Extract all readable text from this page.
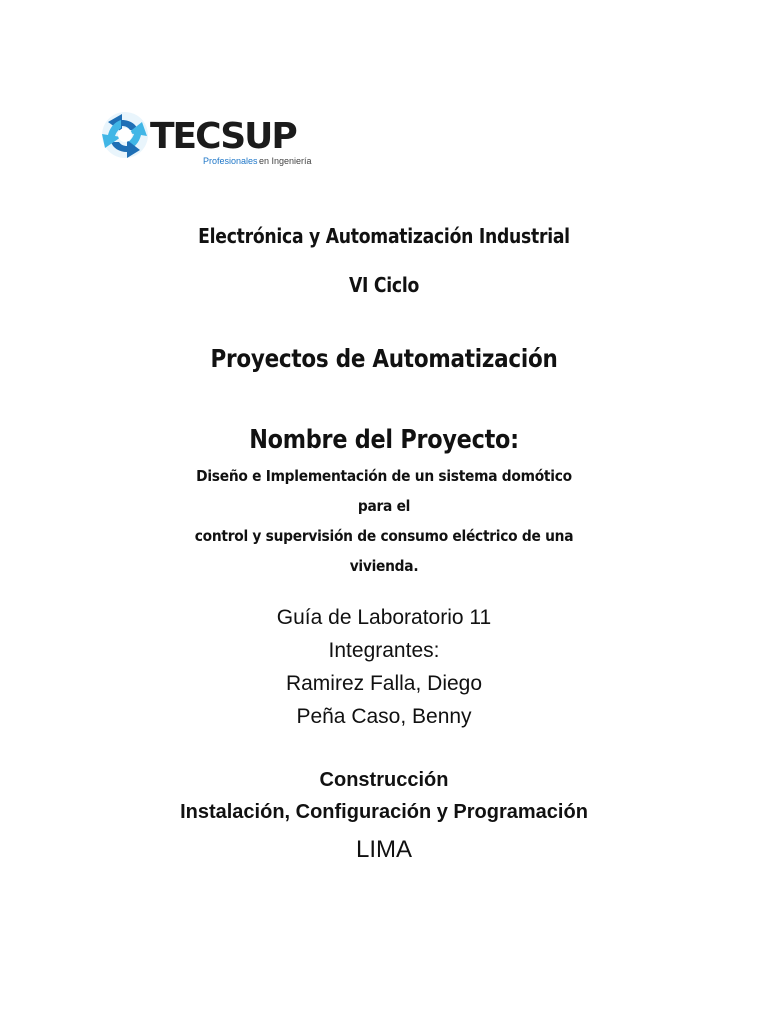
TECSUP
Profesionales en Ingeniería
Electrónica y Automatización Industrial
VI Ciclo
Proyectos de Automatización
Nombre del Proyecto:
Diseño e Implementación de un sistema domótico
para el
control y supervisión de consumo eléctrico de una
vivienda.
Guía de Laboratorio 11
Integrantes:
Ramirez Falla, Diego
Peña Caso, Benny
Construcción
Instalación, Configuración y Programación
LIMA
